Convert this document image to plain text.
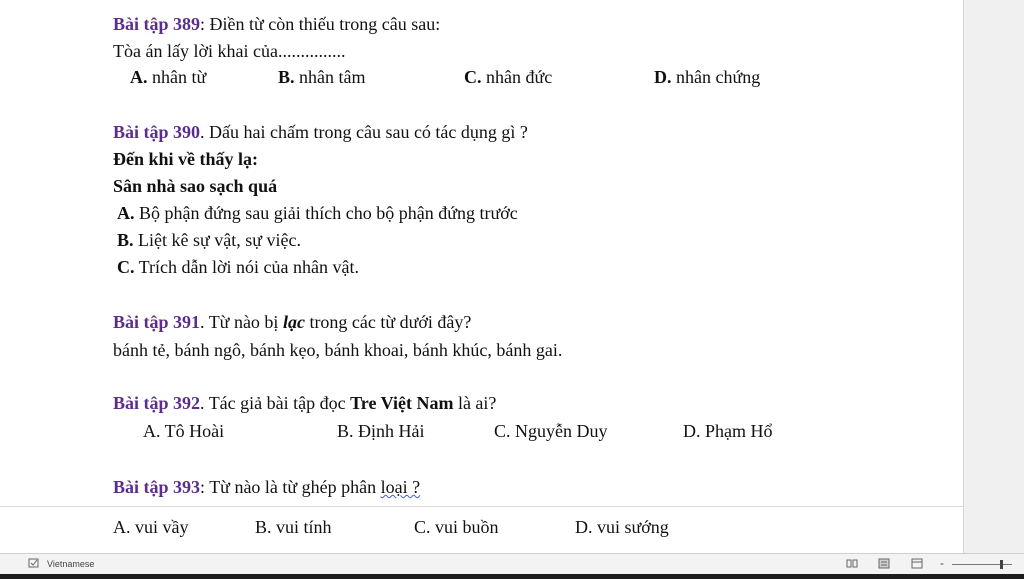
Bài tập 389: Điền từ còn thiếu trong câu sau:
Tòa án lấy lời khai của...............
A. nhân từ	B. nhân tâm	C. nhân đức	D. nhân chứng
Bài tập 390. Dấu hai chấm trong câu sau có tác dụng gì ?
Đến khi về thấy lạ:
Sân nhà sao sạch quá
A. Bộ phận đứng sau giải thích cho bộ phận đứng trước
B. Liệt kê sự vật, sự việc.
C. Trích dẫn lời nói của nhân vật.
Bài tập 391. Từ nào bị lạc trong các từ dưới đây?
bánh tẻ, bánh ngô, bánh kẹo, bánh khoai, bánh khúc, bánh gai.
Bài tập 392. Tác giả bài tập đọc Tre Việt Nam là ai?
A. Tô Hoài	B. Định Hải	C. Nguyễn Duy	D. Phạm Hổ
Bài tập 393: Từ nào là từ ghép phân loại ?
A. vui vầy	B. vui tính	C. vui buồn	D. vui sướng
Vietnamese	-
